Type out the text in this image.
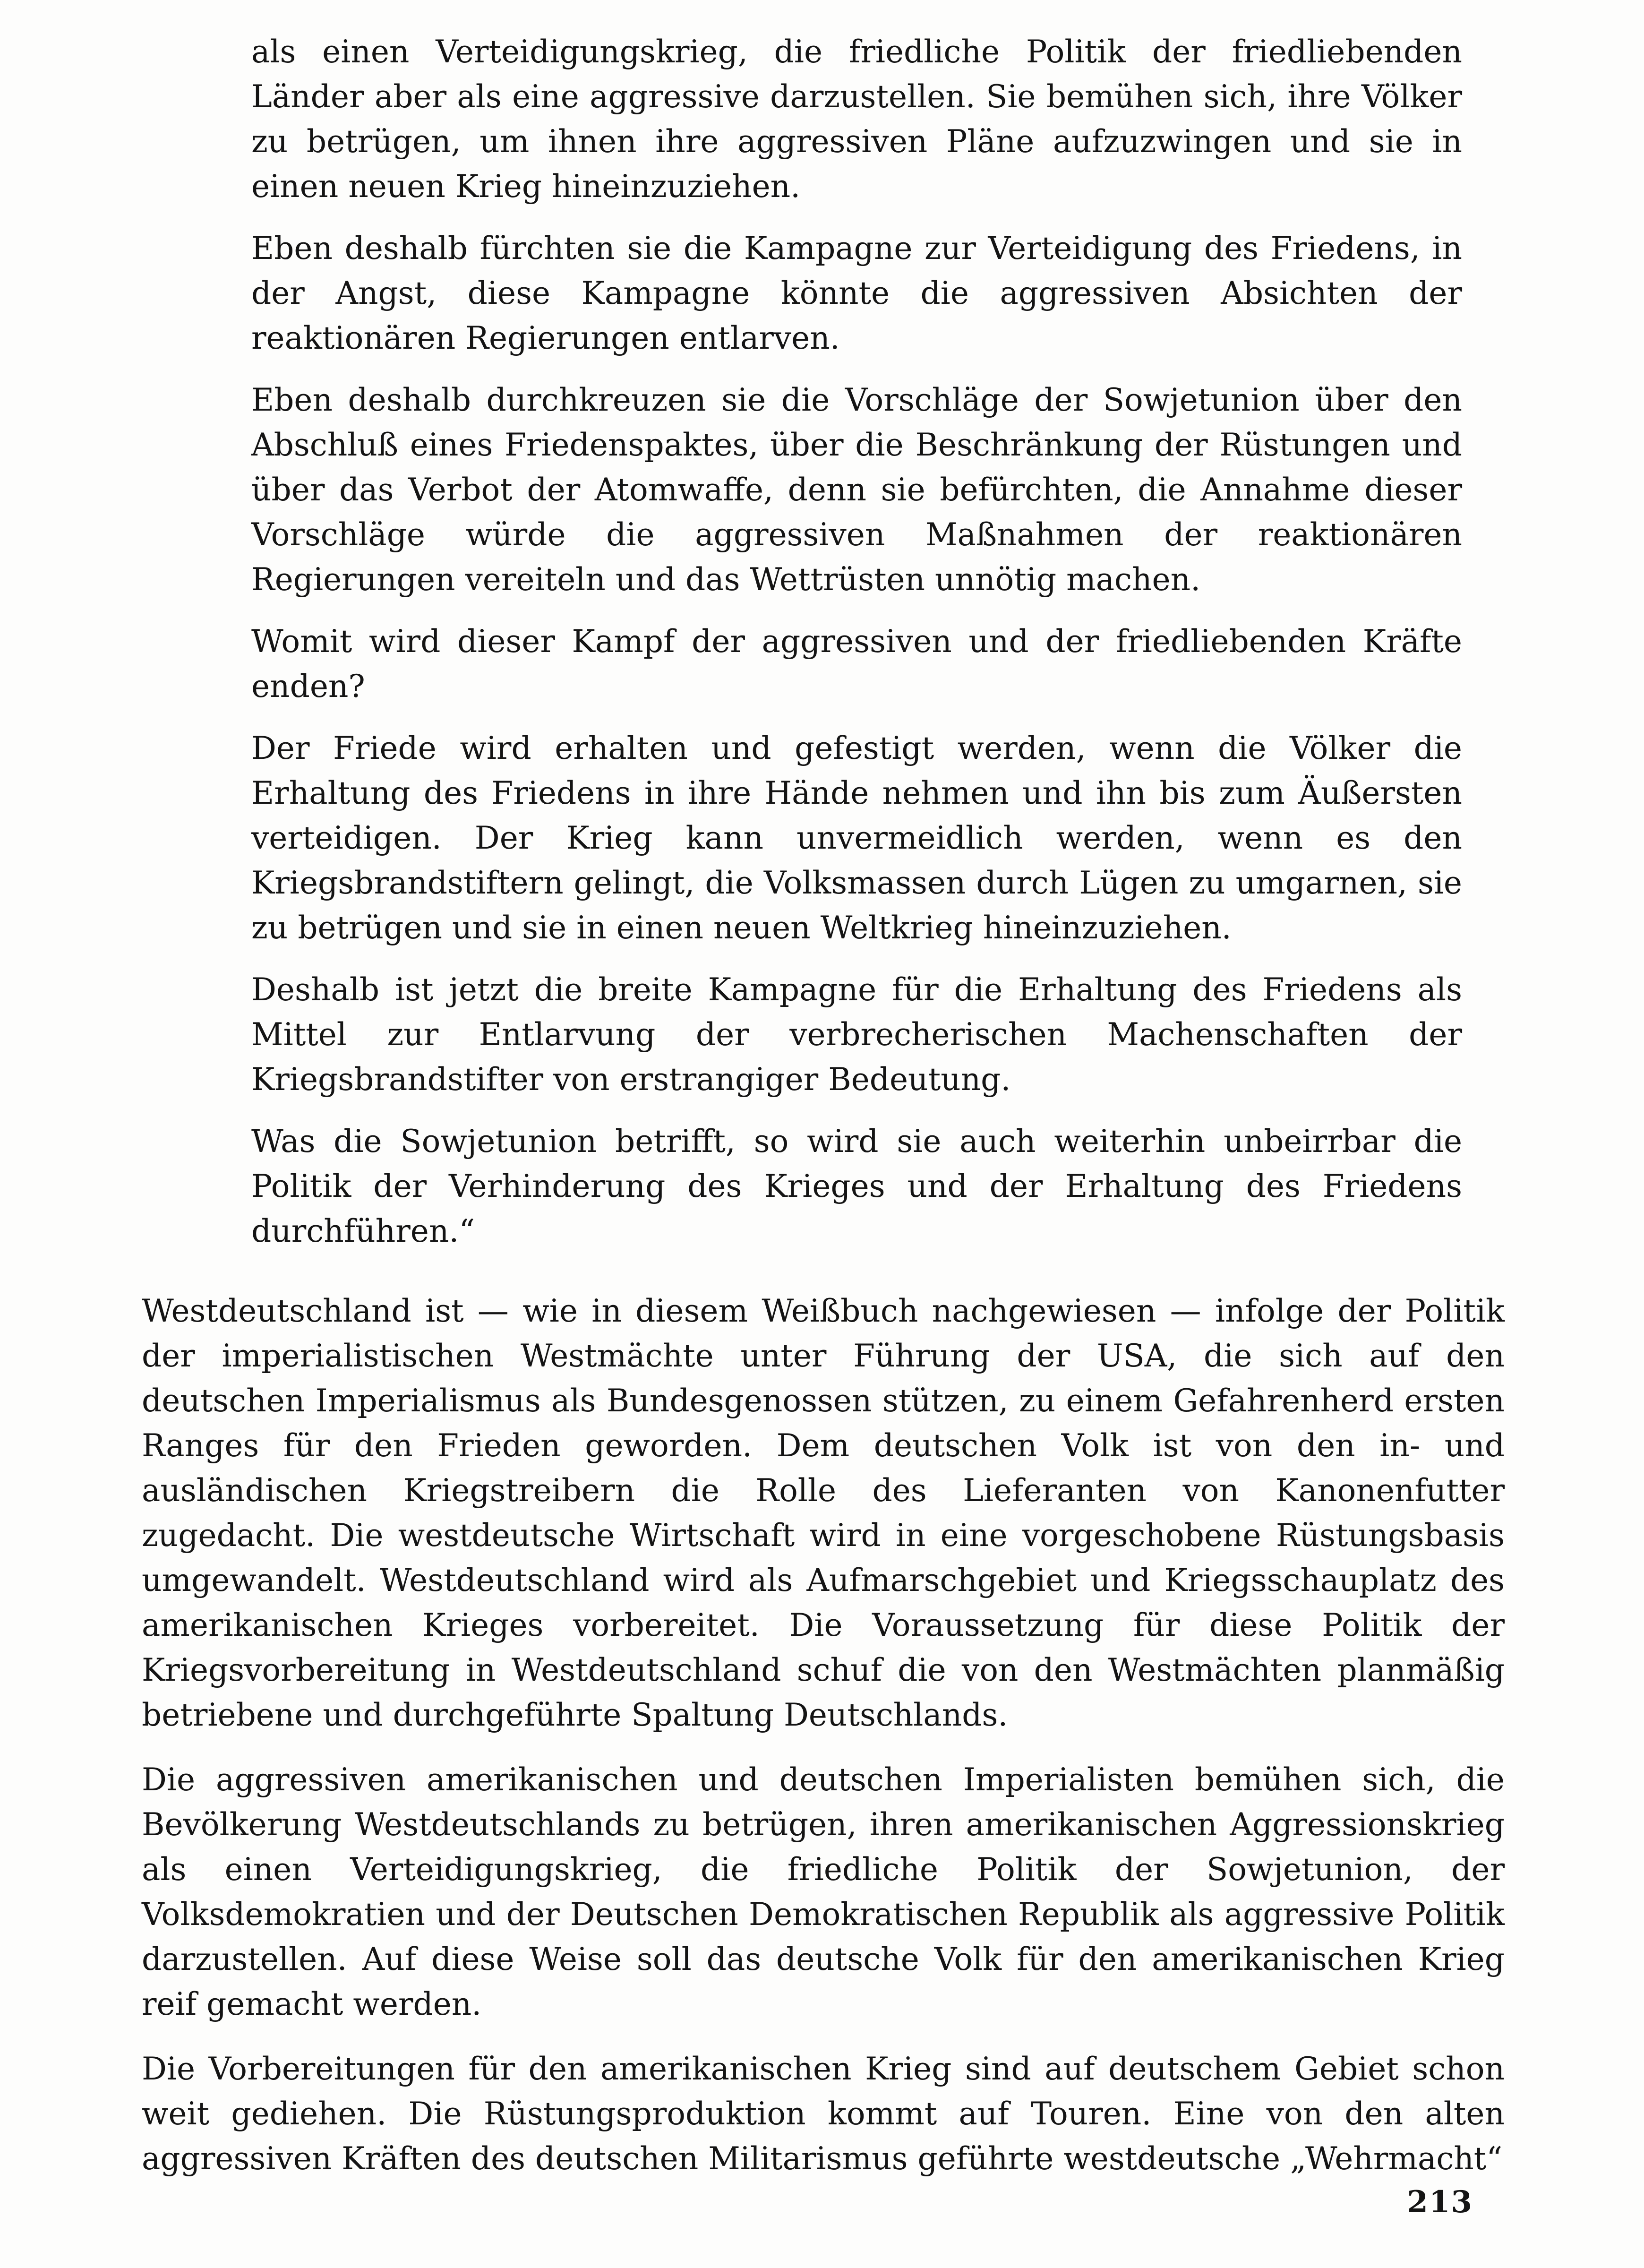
als einen Verteidigungskrieg, die friedliche Politik der friedliebenden Länder aber als eine aggressive darzustellen. Sie bemühen sich, ihre Völker zu betrügen, um ihnen ihre aggressiven Pläne aufzuzwingen und sie in einen neuen Krieg hineinzuziehen.

Eben deshalb fürchten sie die Kampagne zur Verteidigung des Friedens, in der Angst, diese Kampagne könnte die aggressiven Absichten der reaktionären Regierungen entlarven.

Eben deshalb durchkreuzen sie die Vorschläge der Sowjetunion über den Abschluß eines Friedenspaktes, über die Beschränkung der Rüstungen und über das Verbot der Atomwaffe, denn sie befürchten, die Annahme dieser Vorschläge würde die aggressiven Maßnahmen der reaktionären Regierungen vereiteln und das Wettrüsten unnötig machen.

Womit wird dieser Kampf der aggressiven und der friedliebenden Kräfte enden?

Der Friede wird erhalten und gefestigt werden, wenn die Völker die Erhaltung des Friedens in ihre Hände nehmen und ihn bis zum Äußersten verteidigen. Der Krieg kann unvermeidlich werden, wenn es den Kriegsbrandstiftern gelingt, die Volksmassen durch Lügen zu umgarnen, sie zu betrügen und sie in einen neuen Weltkrieg hineinzuziehen.

Deshalb ist jetzt die breite Kampagne für die Erhaltung des Friedens als Mittel zur Entlarvung der verbrecherischen Machenschaften der Kriegsbrandstifter von erstrangiger Bedeutung.

Was die Sowjetunion betrifft, so wird sie auch weiterhin unbeirrbar die Politik der Verhinderung des Krieges und der Erhaltung des Friedens durchführen.“

Westdeutschland ist — wie in diesem Weißbuch nachgewiesen — infolge der Politik der imperialistischen Westmächte unter Führung der USA, die sich auf den deutschen Imperialismus als Bundesgenossen stützen, zu einem Gefahrenherd ersten Ranges für den Frieden geworden. Dem deutschen Volk ist von den in- und ausländischen Kriegstreibern die Rolle des Lieferanten von Kanonenfutter zugedacht. Die westdeutsche Wirtschaft wird in eine vorgeschobene Rüstungsbasis umgewandelt. Westdeutschland wird als Aufmarschgebiet und Kriegsschauplatz des amerikanischen Krieges vorbereitet. Die Voraussetzung für diese Politik der Kriegsvorbereitung in Westdeutschland schuf die von den Westmächten planmäßig betriebene und durchgeführte Spaltung Deutschlands.

Die aggressiven amerikanischen und deutschen Imperialisten bemühen sich, die Bevölkerung Westdeutschlands zu betrügen, ihren amerikanischen Aggressionskrieg als einen Verteidigungskrieg, die friedliche Politik der Sowjetunion, der Volksdemokratien und der Deutschen Demokratischen Republik als aggressive Politik darzustellen. Auf diese Weise soll das deutsche Volk für den amerikanischen Krieg reif gemacht werden.

Die Vorbereitungen für den amerikanischen Krieg sind auf deutschem Gebiet schon weit gediehen. Die Rüstungsproduktion kommt auf Touren. Eine von den alten aggressiven Kräften des deutschen Militarismus geführte westdeutsche „Wehrmacht“

213
